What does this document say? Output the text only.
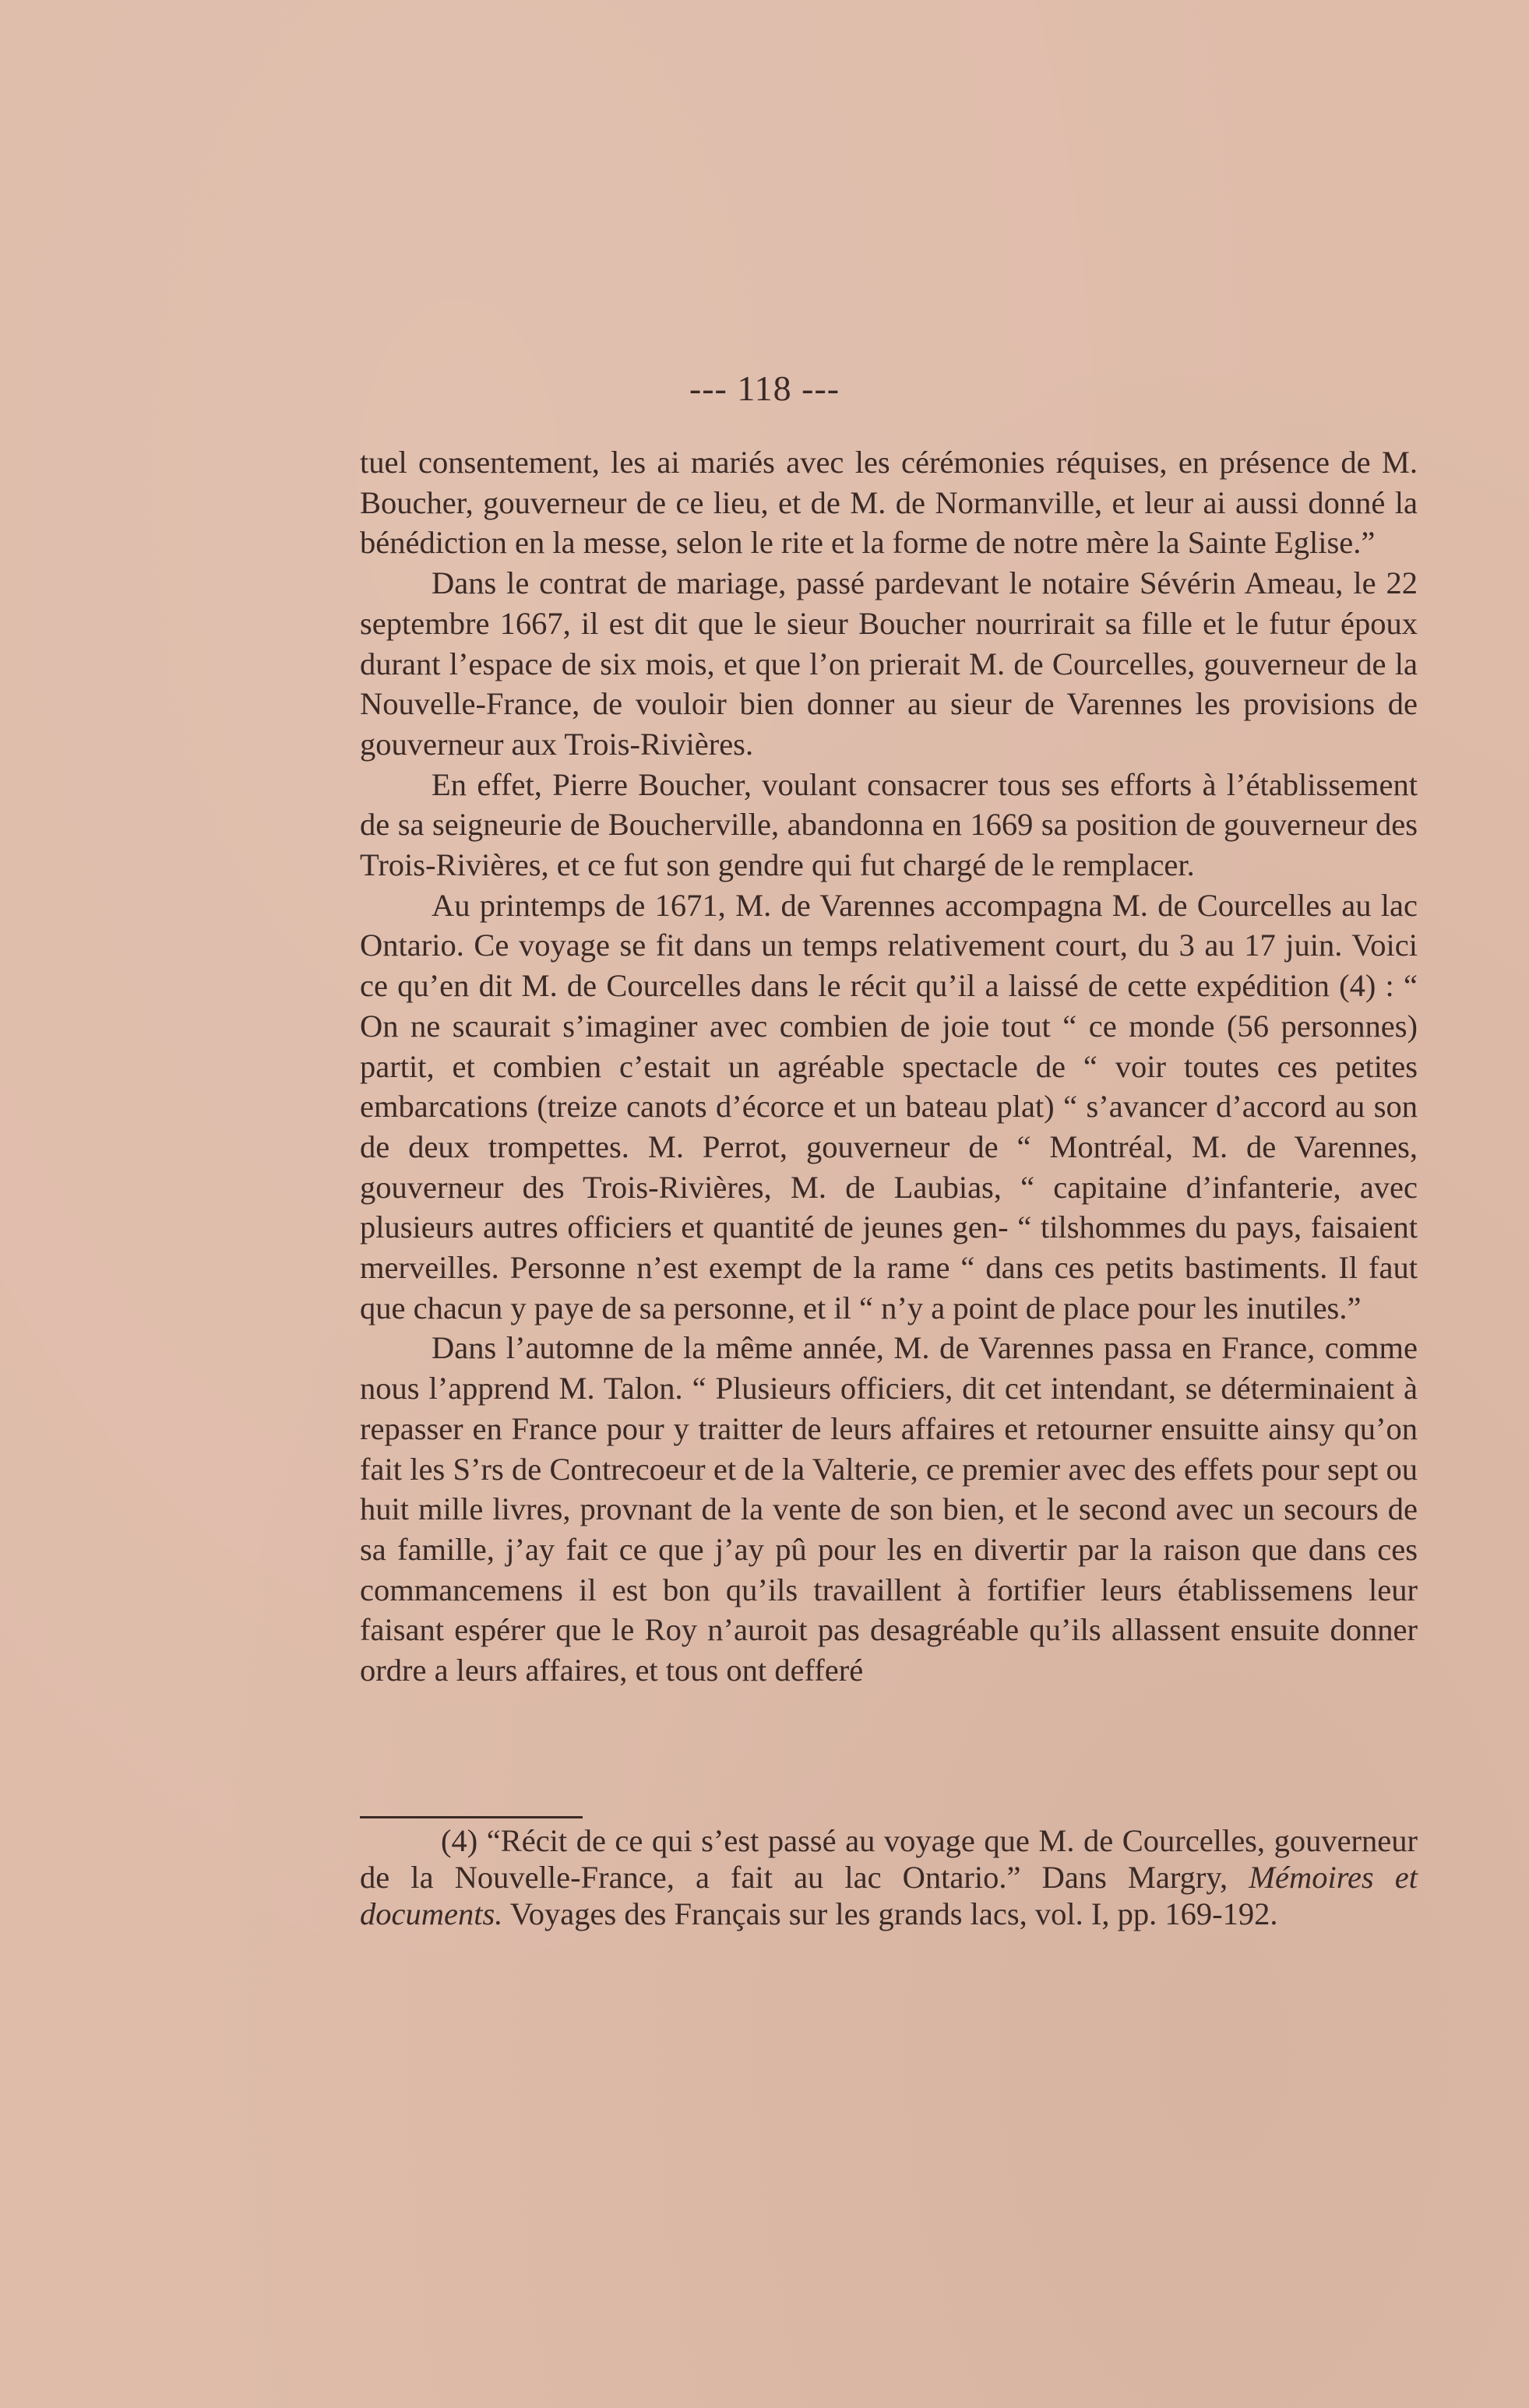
--- 118 ---

tuel consentement, les ai mariés avec les cérémonies réquises, en présence de M. Boucher, gouverneur de ce lieu, et de M. de Normanville, et leur ai aussi donné la bénédiction en la messe, selon le rite et la forme de notre mère la Sainte Eglise.”

Dans le contrat de mariage, passé pardevant le notaire Sévérin Ameau, le 22 septembre 1667, il est dit que le sieur Boucher nourrirait sa fille et le futur époux durant l’espace de six mois, et que l’on prierait M. de Courcelles, gouverneur de la Nouvelle-France, de vouloir bien donner au sieur de Varennes les provisions de gouverneur aux Trois-Rivières.

En effet, Pierre Boucher, voulant consacrer tous ses efforts à l’établissement de sa seigneurie de Boucherville, abandonna en 1669 sa position de gouverneur des Trois-Rivières, et ce fut son gendre qui fut chargé de le remplacer.

Au printemps de 1671, M. de Varennes accompagna M. de Courcelles au lac Ontario. Ce voyage se fit dans un temps relativement court, du 3 au 17 juin. Voici ce qu’en dit M. de Courcelles dans le récit qu’il a laissé de cette expédition (4) : “ On ne scaurait s’imaginer avec combien de joie tout “ ce monde (56 personnes) partit, et combien c’estait un agréable spectacle de “ voir toutes ces petites embarcations (treize canots d’écorce et un bateau plat) “ s’avancer d’accord au son de deux trompettes. M. Perrot, gouverneur de “ Montréal, M. de Varennes, gouverneur des Trois-Rivières, M. de Laubias, “ capitaine d’infanterie, avec plusieurs autres officiers et quantité de jeunes gen- “ tilshommes du pays, faisaient merveilles. Personne n’est exempt de la rame “ dans ces petits bastiments. Il faut que chacun y paye de sa personne, et il “ n’y a point de place pour les inutiles.”

Dans l’automne de la même année, M. de Varennes passa en France, comme nous l’apprend M. Talon. “ Plusieurs officiers, dit cet intendant, se déterminaient à repasser en France pour y traitter de leurs affaires et retourner ensuitte ainsy qu’on fait les S’rs de Contrecoeur et de la Valterie, ce premier avec des effets pour sept ou huit mille livres, provnant de la vente de son bien, et le second avec un secours de sa famille, j’ay fait ce que j’ay pû pour les en divertir par la raison que dans ces commancemens il est bon qu’ils travaillent à fortifier leurs établissemens leur faisant espérer que le Roy n’auroit pas desagréable qu’ils allassent ensuite donner ordre a leurs affaires, et tous ont defferé

(4) “Récit de ce qui s’est passé au voyage que M. de Courcelles, gouverneur de la Nouvelle-France, a fait au lac Ontario.” Dans Margry, Mémoires et documents. Voyages des Français sur les grands lacs, vol. I, pp. 169-192.
